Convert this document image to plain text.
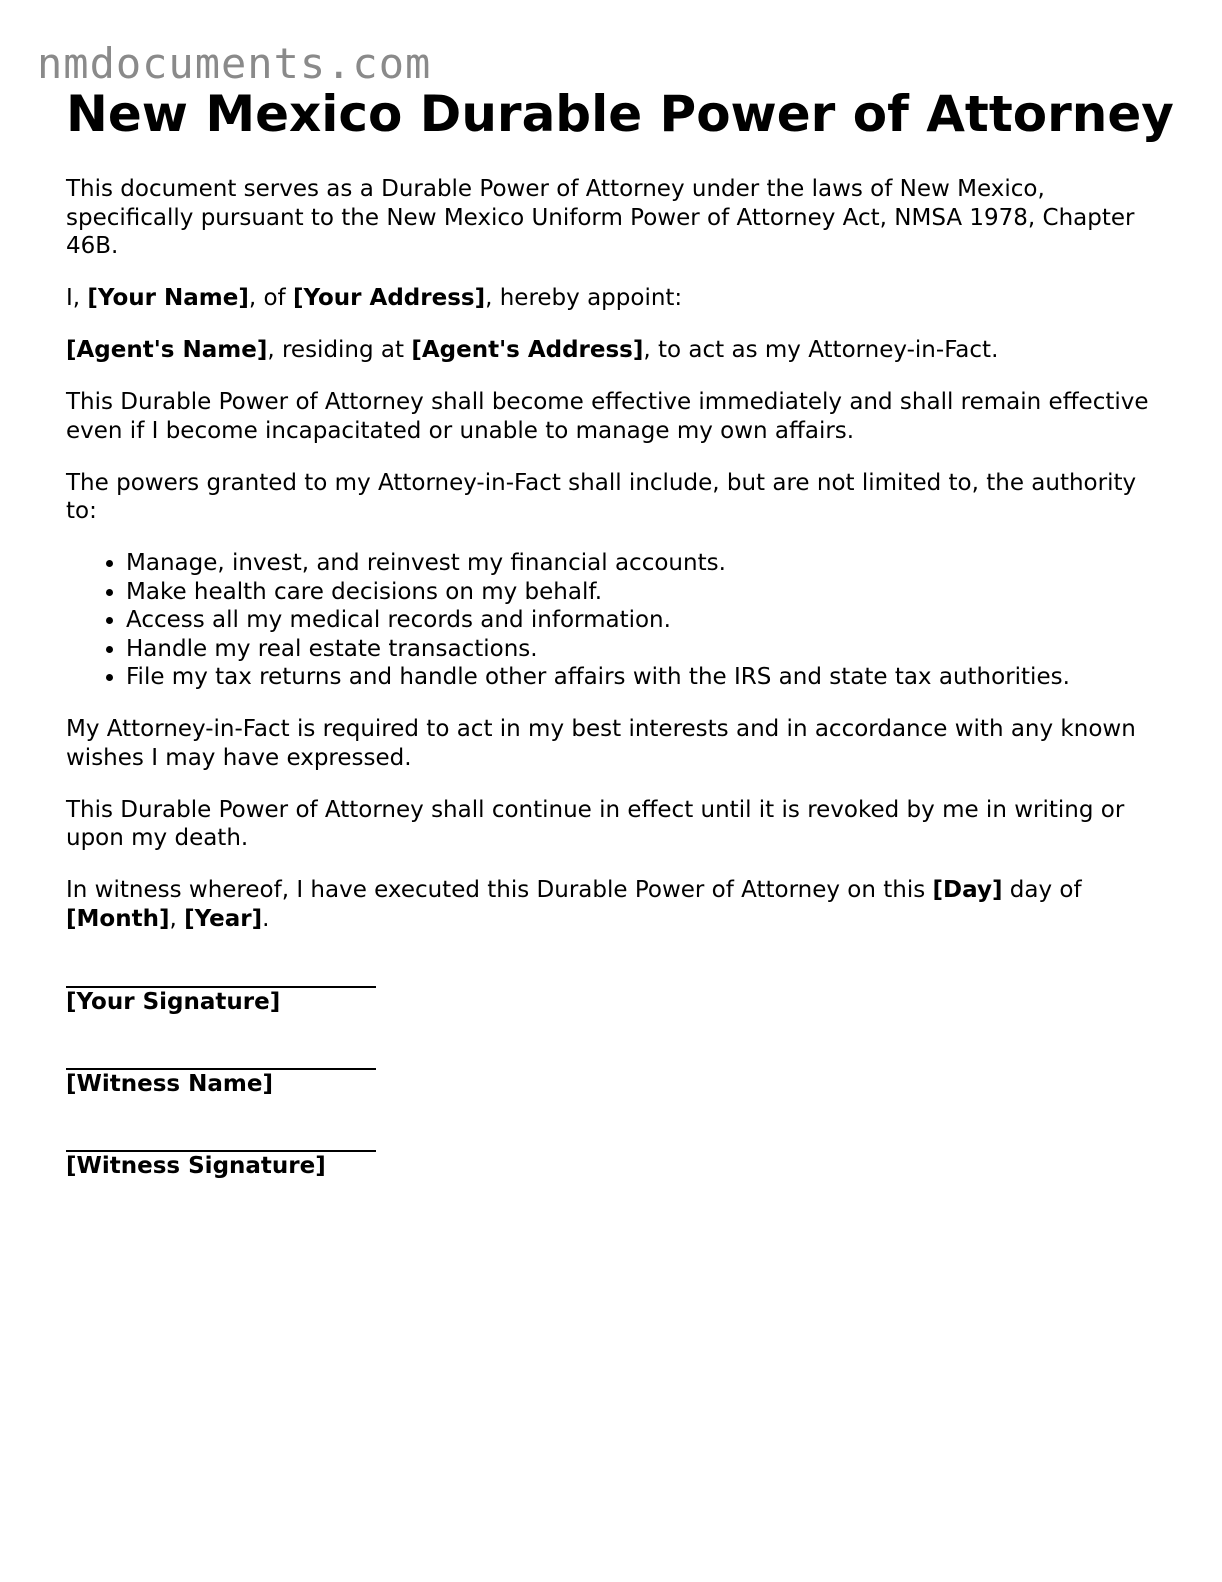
nmdocuments.com
New Mexico Durable Power of Attorney

This document serves as a Durable Power of Attorney under the laws of New Mexico, specifically pursuant to the New Mexico Uniform Power of Attorney Act, NMSA 1978, Chapter 46B.

I, [Your Name], of [Your Address], hereby appoint:

[Agent's Name], residing at [Agent's Address], to act as my Attorney-in-Fact.

This Durable Power of Attorney shall become effective immediately and shall remain effective even if I become incapacitated or unable to manage my own affairs.

The powers granted to my Attorney-in-Fact shall include, but are not limited to, the authority to:

• Manage, invest, and reinvest my financial accounts.
• Make health care decisions on my behalf.
• Access all my medical records and information.
• Handle my real estate transactions.
• File my tax returns and handle other affairs with the IRS and state tax authorities.

My Attorney-in-Fact is required to act in my best interests and in accordance with any known wishes I may have expressed.

This Durable Power of Attorney shall continue in effect until it is revoked by me in writing or upon my death.

In witness whereof, I have executed this Durable Power of Attorney on this [Day] day of [Month], [Year].

[Your Signature]
[Witness Name]
[Witness Signature]
